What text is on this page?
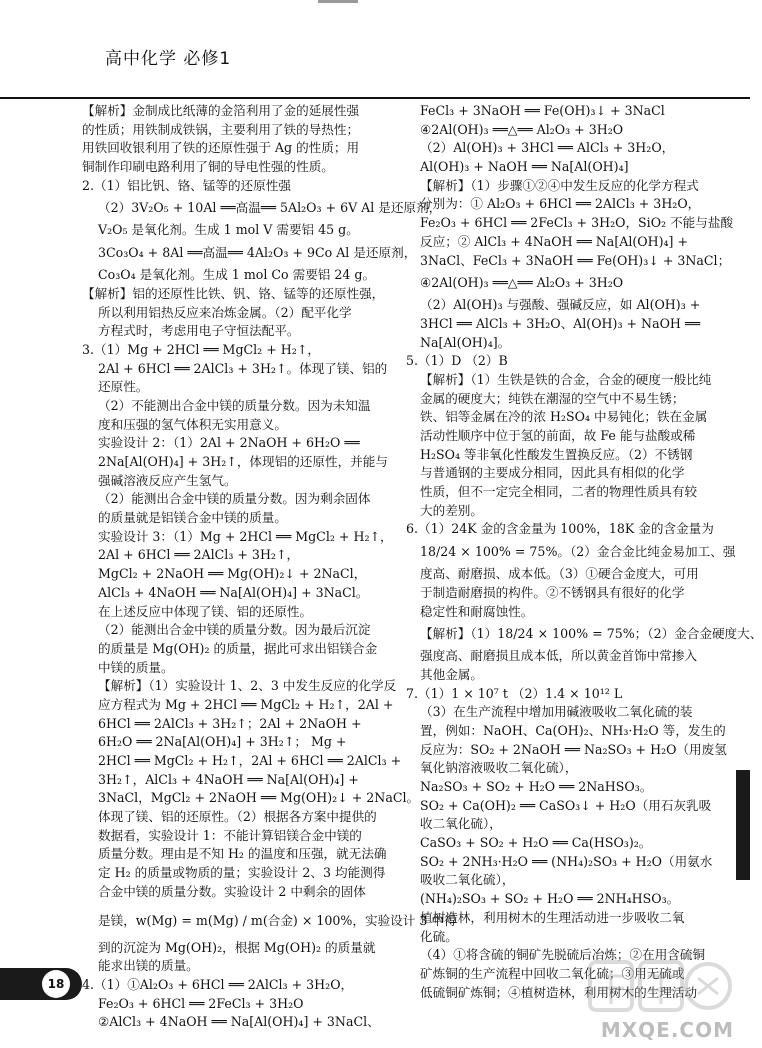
高中化学 必修1
【解析】金制成比纸薄的金箔利用了金的延展性强
的性质；用铁制成铁锅，主要利用了铁的导热性；
用铁回收银利用了铁的还原性强于 Ag 的性质；用
铜制作印刷电路利用了铜的导电性强的性质。
2.（1）铝比钒、铬、锰等的还原性强
（2）3V₂O₅ + 10Al ══高温══ 5Al₂O₃ + 6V Al 是还原剂，
V₂O₅ 是氧化剂。生成 1 mol V 需要铝 45 g。
3Co₃O₄ + 8Al ══高温══ 4Al₂O₃ + 9Co Al 是还原剂，
Co₃O₄ 是氧化剂。生成 1 mol Co 需要铝 24 g。
【解析】铝的还原性比铁、钒、铬、锰等的还原性强，
所以利用铝热反应来冶炼金属。（2）配平化学
方程式时，考虑用电子守恒法配平。
3.（1）Mg + 2HCl ══ MgCl₂ + H₂↑，
2Al + 6HCl ══ 2AlCl₃ + 3H₂↑。体现了镁、铝的
还原性。
（2）不能测出合金中镁的质量分数。因为未知温
度和压强的氢气体积无实用意义。
实验设计 2：（1）2Al + 2NaOH + 6H₂O ══
2Na[Al(OH)₄] + 3H₂↑，体现铝的还原性，并能与
强碱溶液反应产生氢气。
（2）能测出合金中镁的质量分数。因为剩余固体
的质量就是铝镁合金中镁的质量。
实验设计 3：（1）Mg + 2HCl ══ MgCl₂ + H₂↑，
2Al + 6HCl ══ 2AlCl₃ + 3H₂↑，
MgCl₂ + 2NaOH ══ Mg(OH)₂↓ + 2NaCl，
AlCl₃ + 4NaOH ══ Na[Al(OH)₄] + 3NaCl。
在上述反应中体现了镁、铝的还原性。
（2）能测出合金中镁的质量分数。因为最后沉淀
的质量是 Mg(OH)₂ 的质量，据此可求出铝镁合金
中镁的质量。
【解析】（1）实验设计 1、2、3 中发生反应的化学反
应方程式为 Mg + 2HCl ══ MgCl₂ + H₂↑，2Al +
6HCl ══ 2AlCl₃ + 3H₂↑；2Al + 2NaOH +
6H₂O ══ 2Na[Al(OH)₄] + 3H₂↑； Mg +
2HCl ══ MgCl₂ + H₂↑，2Al + 6HCl ══ 2AlCl₃ +
3H₂↑，AlCl₃ + 4NaOH ══ Na[Al(OH)₄] +
3NaCl，MgCl₂ + 2NaOH ══ Mg(OH)₂↓ + 2NaCl。
体现了镁、铝的还原性。（2）根据各方案中提供的
数据看，实验设计 1：不能计算铝镁合金中镁的
质量分数。理由是不知 H₂ 的温度和压强，就无法确
定 H₂ 的质量或物质的量；实验设计 2、3 均能测得
合金中镁的质量分数。实验设计 2 中剩余的固体
是镁，w(Mg) = m(Mg) / m(合金) × 100%，实验设计 3 中得
到的沉淀为 Mg(OH)₂，根据 Mg(OH)₂ 的质量就
能求出镁的质量。
4.（1）①Al₂O₃ + 6HCl ══ 2AlCl₃ + 3H₂O，
Fe₂O₃ + 6HCl ══ 2FeCl₃ + 3H₂O
②AlCl₃ + 4NaOH ══ Na[Al(OH)₄] + 3NaCl、
FeCl₃ + 3NaOH ══ Fe(OH)₃↓ + 3NaCl
④2Al(OH)₃ ══△══ Al₂O₃ + 3H₂O
（2）Al(OH)₃ + 3HCl ══ AlCl₃ + 3H₂O，
Al(OH)₃ + NaOH ══ Na[Al(OH)₄]
【解析】（1）步骤①②④中发生反应的化学方程式
分别为：① Al₂O₃ + 6HCl ══ 2AlCl₃ + 3H₂O，
Fe₂O₃ + 6HCl ══ 2FeCl₃ + 3H₂O，SiO₂ 不能与盐酸
反应；② AlCl₃ + 4NaOH ══ Na[Al(OH)₄] +
3NaCl、FeCl₃ + 3NaOH ══ Fe(OH)₃↓ + 3NaCl；
④2Al(OH)₃ ══△══ Al₂O₃ + 3H₂O
（2）Al(OH)₃ 与强酸、强碱反应，如 Al(OH)₃ +
3HCl ══ AlCl₃ + 3H₂O、Al(OH)₃ + NaOH ══
Na[Al(OH)₄]。
5.（1）D （2）B
【解析】（1）生铁是铁的合金，合金的硬度一般比纯
金属的硬度大；纯铁在潮湿的空气中不易生锈；
铁、铝等金属在冷的浓 H₂SO₄ 中易钝化；铁在金属
活动性顺序中位于氢的前面，故 Fe 能与盐酸或稀
H₂SO₄ 等非氧化性酸发生置换反应。（2）不锈钢
与普通钢的主要成分相同，因此具有相似的化学
性质，但不一定完全相同，二者的物理性质具有较
大的差别。
6.（1）24K 金的含金量为 100%，18K 金的含金量为
18/24 × 100% = 75%。（2）金合金比纯金易加工、强
度高、耐磨损、成本低。（3）①硬合金度大，可用
于制造耐磨损的构件。②不锈钢具有很好的化学
稳定性和耐腐蚀性。
【解析】（1）18/24 × 100% = 75%；（2）金合金硬度大、
强度高、耐磨损且成本低，所以黄金首饰中常掺入
其他金属。
7.（1）1 × 10⁷ t （2）1.4 × 10¹² L
（3）在生产流程中增加用碱液吸收二氧化硫的装
置，例如：NaOH、Ca(OH)₂、NH₃·H₂O 等，发生的
反应为：SO₂ + 2NaOH ══ Na₂SO₃ + H₂O（用废氢
氧化钠溶液吸收二氧化硫），
Na₂SO₃ + SO₂ + H₂O ══ 2NaHSO₃。
SO₂ + Ca(OH)₂ ══ CaSO₃↓ + H₂O（用石灰乳吸
收二氧化硫），
CaSO₃ + SO₂ + H₂O ══ Ca(HSO₃)₂。
SO₂ + 2NH₃·H₂O ══ (NH₄)₂SO₃ + H₂O（用氨水
吸收二氧化硫），
(NH₄)₂SO₃ + SO₂ + H₂O ══ 2NH₄HSO₃。
植树造林，利用树木的生理活动进一步吸收二氧
化硫。
（4）①将含硫的铜矿先脱硫后冶炼；②在用含硫铜
矿炼铜的生产流程中回收二氧化硫；③用无硫或
低硫铜矿炼铜；④植树造林，利用树木的生理活动
18
MXQE.COM
